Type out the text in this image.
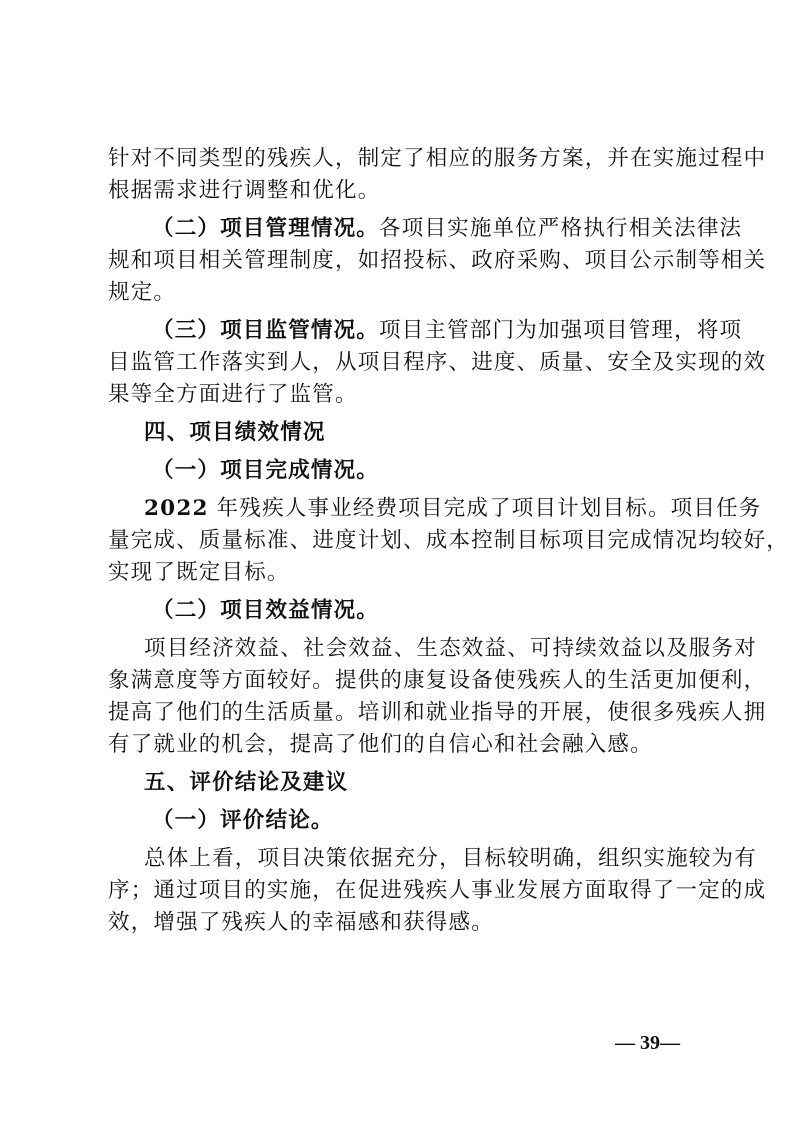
针对不同类型的残疾人，制定了相应的服务方案，并在实施过程中
根据需求进行调整和优化。
（二）项目管理情况。各项目实施单位严格执行相关法律法
规和项目相关管理制度，如招投标、政府采购、项目公示制等相关
规定。
（三）项目监管情况。项目主管部门为加强项目管理，将项
目监管工作落实到人，从项目程序、进度、质量、安全及实现的效
果等全方面进行了监管。
四、项目绩效情况
（一）项目完成情况。
2022 年残疾人事业经费项目完成了项目计划目标。项目任务
量完成、质量标准、进度计划、成本控制目标项目完成情况均较好，
实现了既定目标。
（二）项目效益情况。
项目经济效益、社会效益、生态效益、可持续效益以及服务对
象满意度等方面较好。提供的康复设备使残疾人的生活更加便利，
提高了他们的生活质量。培训和就业指导的开展，使很多残疾人拥
有了就业的机会，提高了他们的自信心和社会融入感。
五、评价结论及建议
（一）评价结论。
总体上看，项目决策依据充分，目标较明确，组织实施较为有
序；通过项目的实施，在促进残疾人事业发展方面取得了一定的成
效，增强了残疾人的幸福感和获得感。
— 39—
